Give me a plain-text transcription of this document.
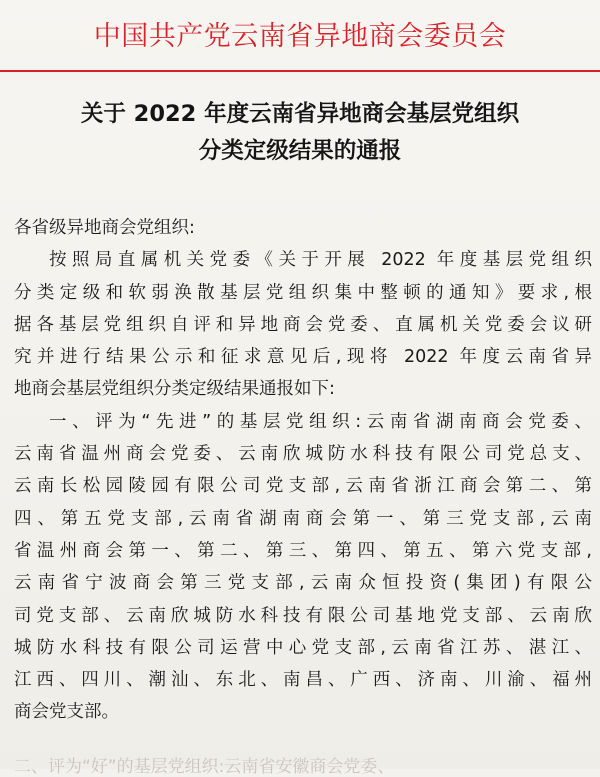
中国共产党云南省异地商会委员会
关于 2022 年度云南省异地商会基层党组织
分类定级结果的通报
各省级异地商会党组织:
按照局直属机关党委《关于开展 2022 年度基层党组织
分类定级和软弱涣散基层党组织集中整顿的通知》要求,根
据各基层党组织自评和异地商会党委、直属机关党委会议研
究并进行结果公示和征求意见后,现将 2022 年度云南省异
地商会基层党组织分类定级结果通报如下:
一、评为“先进”的基层党组织:云南省湖南商会党委、
云南省温州商会党委、云南欣城防水科技有限公司党总支、
云南长松园陵园有限公司党支部,云南省浙江商会第二、第
四、第五党支部,云南省湖南商会第一、第三党支部,云南
省温州商会第一、第二、第三、第四、第五、第六党支部,
云南省宁波商会第三党支部,云南众恒投资(集团)有限公
司党支部、云南欣城防水科技有限公司基地党支部、云南欣
城防水科技有限公司运营中心党支部,云南省江苏、湛江、
江西、四川、潮汕、东北、南昌、广西、济南、川渝、福州
商会党支部。
二、评为“好”的基层党组织:云南省安徽商会党委、
